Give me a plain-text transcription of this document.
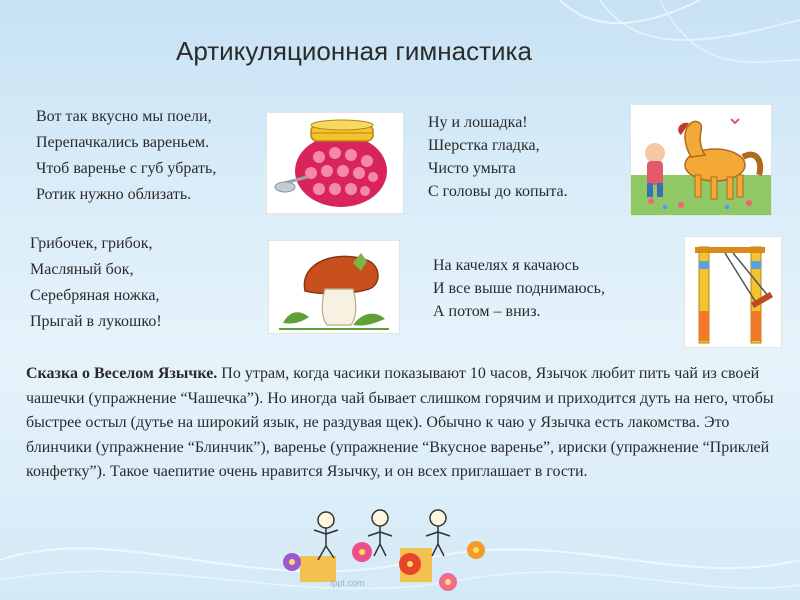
Артикуляционная гимнастика
Вот так вкусно мы поели,
Перепачкались вареньем.
Чтоб варенье с губ убрать,
Ротик нужно облизать.
Ну и лошадка!
Шерстка гладка,
Чисто умыта
С головы до копыта.
Грибочек, грибок,
Масляный бок,
Серебряная ножка,
Прыгай в лукошко!
На качелях я качаюсь
И все выше поднимаюсь,
А потом – вниз.
Сказка о Веселом Язычке. По утрам, когда часики показывают 10 часов, Язычок любит пить чай из своей чашечки (упражнение “Чашечка”). Но иногда чай бывает слишком горячим и приходится дуть на него, чтобы быстрее остыл (дутье на широкий язык, не раздувая щек). Обычно к чаю у Язычка есть лакомства. Это блинчики (упражнение “Блинчик”), варенье (упражнение “Вкусное варенье”, ириски (упражнение “Приклей конфетку”). Такое чаепитие очень нравится Язычку, и он всех приглашает в гости.
fppt.com
